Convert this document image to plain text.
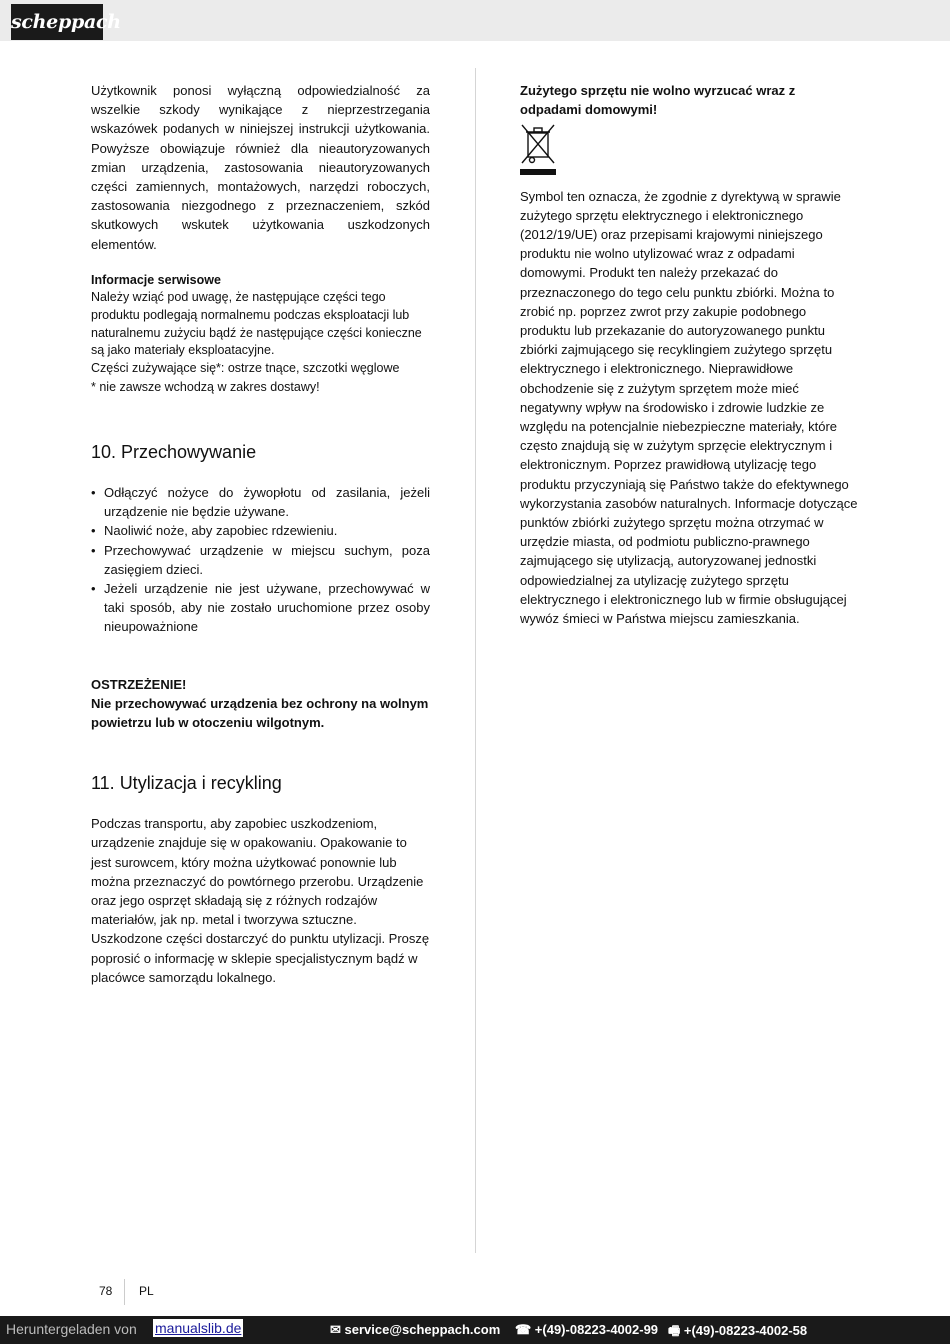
scheppach

Użytkownik ponosi wyłączną odpowiedzialność za wszelkie szkody wynikające z nieprzestrzegania wskazówek podanych w niniejszej instrukcji użytkowania. Powyższe obowiązuje również dla nieautoryzowanych zmian urządzenia, zastosowania nieautoryzowanych części zamiennych, montażowych, narzędzi roboczych, zastosowania niezgodnego z przeznaczeniem, szkód skutkowych wskutek użytkowania uszkodzonych elementów.

Informacje serwisowe

Należy wziąć pod uwagę, że następujące części tego produktu podlegają normalnemu podczas eksploatacji lub naturalnemu zużyciu bądź że następujące części konieczne są jako materiały eksploatacyjne.

Części zużywające się*: ostrze tnące, szczotki węglowe

* nie zawsze wchodzą w zakres dostawy!

10. Przechowywanie
• Odłączyć nożyce do żywopłotu od zasilania, jeżeli urządzenie nie będzie używane.
• Naoliwić noże, aby zapobiec rdzewieniu.
• Przechowywać urządzenie w miejscu suchym, poza zasięgiem dzieci.
• Jeżeli urządzenie nie jest używane, przechowywać w taki sposób, aby nie zostało uruchomione przez osoby nieupoważnione

OSTRZEŻENIE!

Nie przechowywać urządzenia bez ochrony na wolnym powietrzu lub w otoczeniu wilgotnym.

11. Utylizacja i recykling

Podczas transportu, aby zapobiec uszkodzeniom, urządzenie znajduje się w opakowaniu. Opakowanie to jest surowcem, który można użytkować ponownie lub można przeznaczyć do powtórnego przerobu. Urządzenie oraz jego osprzęt składają się z różnych rodzajów materiałów, jak np. metal i tworzywa sztuczne. Uszkodzone części dostarczyć do punktu utylizacji. Proszę poprosić o informację w sklepie specjalistycznym bądź w placówce samorządu lokalnego.

Zużytego sprzętu nie wolno wyrzucać wraz z odpadami domowymi!

Symbol ten oznacza, że zgodnie z dyrektywą w sprawie zużytego sprzętu elektrycznego i elektronicznego (2012/19/UE) oraz przepisami krajowymi niniejszego produktu nie wolno utylizować wraz z odpadami domowymi. Produkt ten należy przekazać do przeznaczonego do tego celu punktu zbiórki. Można to zrobić np. poprzez zwrot przy zakupie podobnego produktu lub przekazanie do autoryzowanego punktu zbiórki zajmującego się recyklingiem zużytego sprzętu elektrycznego i elektronicznego. Nieprawidłowe obchodzenie się z zużytym sprzętem może mieć negatywny wpływ na środowisko i zdrowie ludzkie ze względu na potencjalnie niebezpieczne materiały, które często znajdują się w zużytym sprzęcie elektrycznym i elektronicznym. Poprzez prawidłową utylizację tego produktu przyczyniają się Państwo także do efektywnego wykorzystania zasobów naturalnych. Informacje dotyczące punktów zbiórki zużytego sprzętu można otrzymać w urzędzie miasta, od podmiotu publiczno-prawnego zajmującego się utylizacją, autoryzowanej jednostki odpowiedzialnej za utylizację zużytego sprzętu elektrycznego i elektronicznego lub w firmie obsługującej wywóz śmieci w Państwa miejscu zamieszkania.

78 PL
Heruntergeladen von manualslib.de	✉ service@scheppach.com ☎ +(49)-08223-4002-99 🖷 +(49)-08223-4002-58
